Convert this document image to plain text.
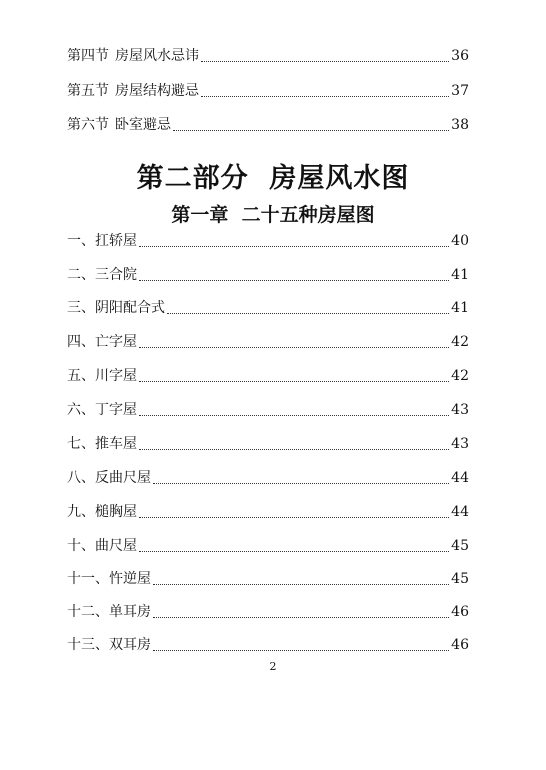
第四节 房屋风水忌讳	36
第五节 房屋结构避忌	37
第六节 卧室避忌	38
第二部分  房屋风水图
第一章  二十五种房屋图
一、扛轿屋	40
二、三合院	41
三、阴阳配合式	41
四、亡字屋	42
五、川字屋	42
六、丁字屋	43
七、推车屋	43
八、反曲尺屋	44
九、槌胸屋	44
十、曲尺屋	45
十一、忤逆屋	45
十二、单耳房	46
十三、双耳房	46
2
